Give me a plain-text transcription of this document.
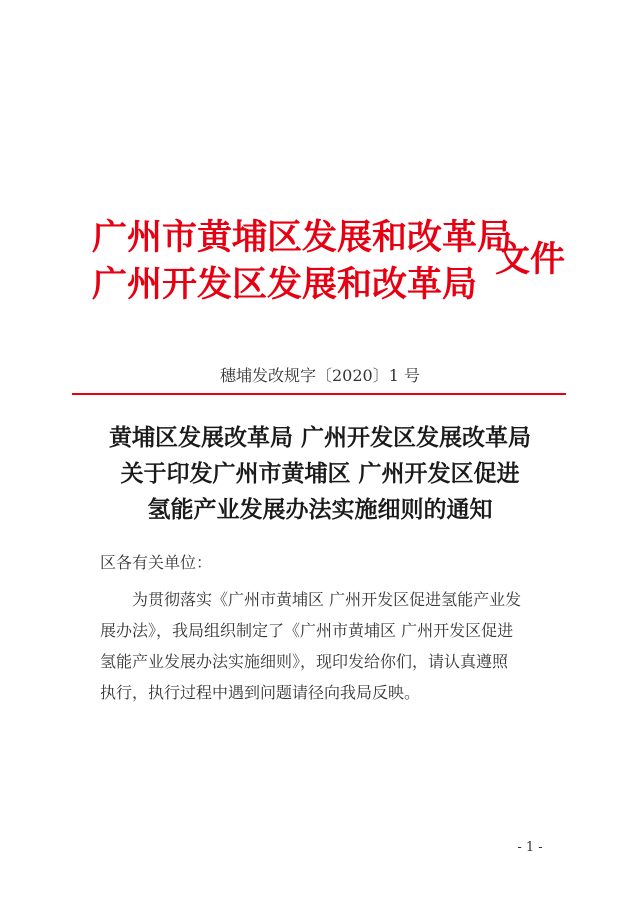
广州市黄埔区发展和改革局
广州开发区发展和改革局
文件
穗埔发改规字〔2020〕1 号
黄埔区发展改革局 广州开发区发展改革局
关于印发广州市黄埔区 广州开发区促进
氢能产业发展办法实施细则的通知
区各有关单位：
为贯彻落实《广州市黄埔区 广州开发区促进氢能产业发
展办法》，我局组织制定了《广州市黄埔区 广州开发区促进
氢能产业发展办法实施细则》，现印发给你们，请认真遵照
执行，执行过程中遇到问题请径向我局反映。
- 1 -
